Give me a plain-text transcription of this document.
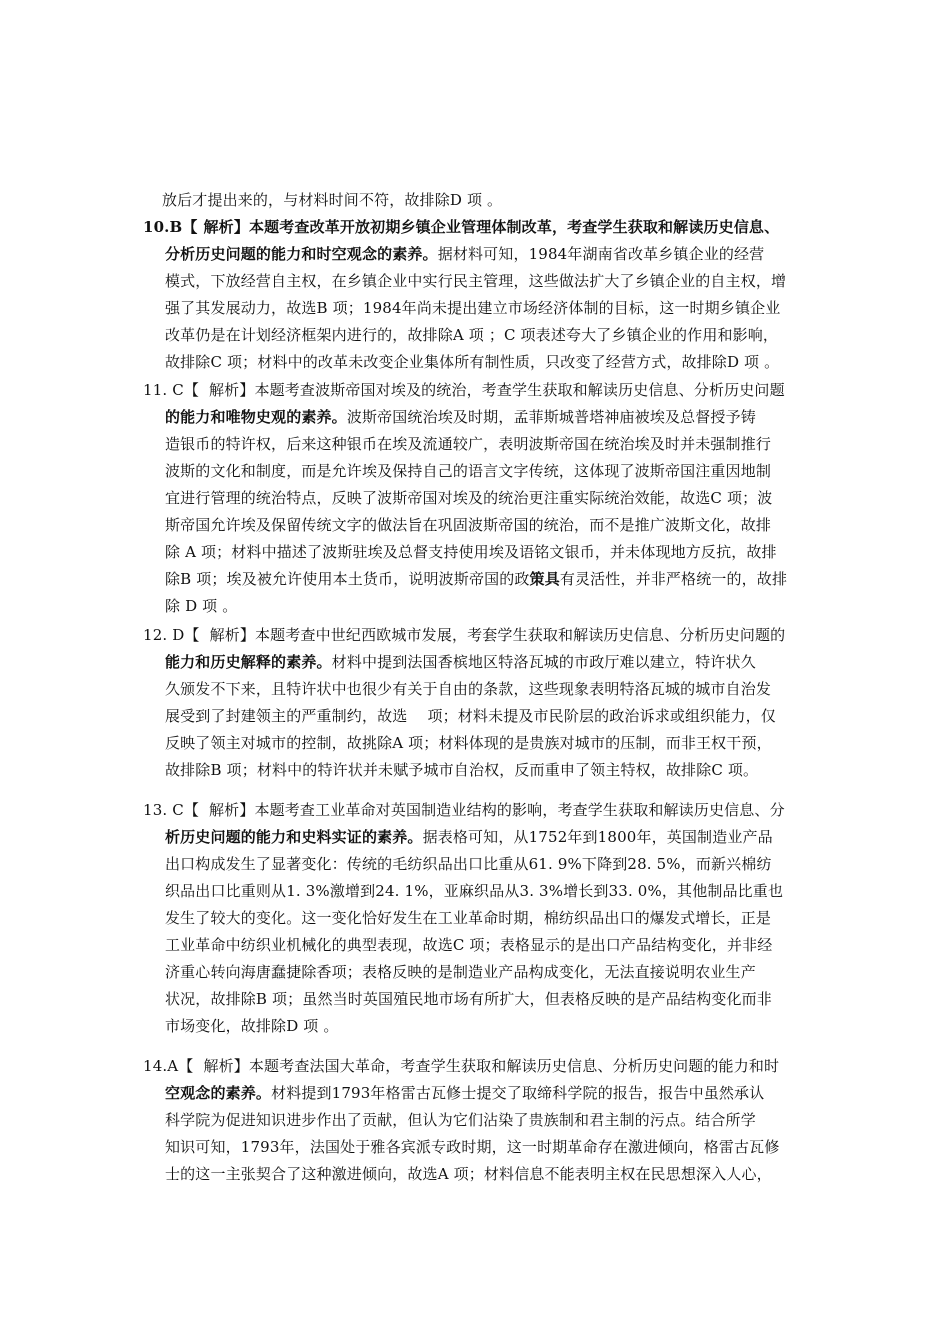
放后才提出来的，与材料时间不符，故排除D 项 。
10.B【 解析】本题考查改革开放初期乡镇企业管理体制改革，考查学生获取和解读历史信息、
分析历史问题的能力和时空观念的素养。据材料可知，1984年湖南省改革乡镇企业的经营
模式，下放经营自主权，在乡镇企业中实行民主管理，这些做法扩大了乡镇企业的自主权，增
强了其发展动力，故选B 项；1984年尚未提出建立市场经济体制的目标，这一时期乡镇企业
改革仍是在计划经济框架内进行的，故排除A 项 ；C 项表述夸大了乡镇企业的作用和影响，
故排除C 项；材料中的改革未改变企业集体所有制性质，只改变了经营方式，故排除D 项 。
11. C【 解析】本题考查波斯帝国对埃及的统治，考查学生获取和解读历史信息、分析历史问题
的能力和唯物史观的素养。波斯帝国统治埃及时期，孟菲斯城普塔神庙被埃及总督授予铸
造银币的特许权，后来这种银币在埃及流通较广，表明波斯帝国在统治埃及时并未强制推行
波斯的文化和制度，而是允许埃及保持自己的语言文字传统，这体现了波斯帝国注重因地制
宜进行管理的统治特点，反映了波斯帝国对埃及的统治更注重实际统治效能，故选C 项；波
斯帝国允许埃及保留传统文字的做法旨在巩固波斯帝国的统治，而不是推广波斯文化，故排
除 A 项；材料中描述了波斯驻埃及总督支持使用埃及语铭文银币，并未体现地方反抗，故排
除B 项；埃及被允许使用本土货币，说明波斯帝国的政策具有灵活性，并非严格统一的，故排
除 D 项 。
12. D【 解析】本题考查中世纪西欧城市发展，考套学生获取和解读历史信息、分析历史问题的
能力和历史解释的素养。材料中提到法国香槟地区特洛瓦城的市政厅难以建立，特许状久
久颁发不下来，且特许状中也很少有关于自由的条款，这些现象表明特洛瓦城的城市自治发
展受到了封建领主的严重制约，故选　 项；材料未提及市民阶层的政治诉求或组织能力，仅
反映了领主对城市的控制，故挑除A 项；材料体现的是贵族对城市的压制，而非王权干预，
故排除B 项；材料中的特许状并未赋予城市自治权，反而重申了领主特权，故排除C 项。
13. C【 解析】本题考查工业革命对英国制造业结构的影响，考查学生获取和解读历史信息、分
析历史问题的能力和史料实证的素养。据表格可知，从1752年到1800年，英国制造业产品
出口构成发生了显著变化：传统的毛纺织品出口比重从61. 9%下降到28. 5%，而新兴棉纺
织品出口比重则从1. 3%激增到24. 1%，亚麻织品从3. 3%增长到33. 0%，其他制品比重也
发生了较大的变化。这一变化恰好发生在工业革命时期，棉纺织品出口的爆发式增长，正是
工业革命中纺织业机械化的典型表现，故选C 项；表格显示的是出口产品结构变化，并非经
济重心转向海唐蠢捷除香项；表格反映的是制造业产品构成变化，无法直接说明农业生产
状况，故排除B 项；虽然当时英国殖民地市场有所扩大，但表格反映的是产品结构变化而非
市场变化，故排除D 项 。
14.A【 解析】本题考查法国大革命，考查学生获取和解读历史信息、分析历史问题的能力和时
空观念的素养。材料提到1793年格雷古瓦修士提交了取缔科学院的报告，报告中虽然承认
科学院为促进知识进步作出了贡献，但认为它们沾染了贵族制和君主制的污点。结合所学
知识可知，1793年，法国处于雅各宾派专政时期，这一时期革命存在激进倾向，格雷古瓦修
士的这一主张契合了这种激进倾向，故选A 项；材料信息不能表明主权在民思想深入人心，
